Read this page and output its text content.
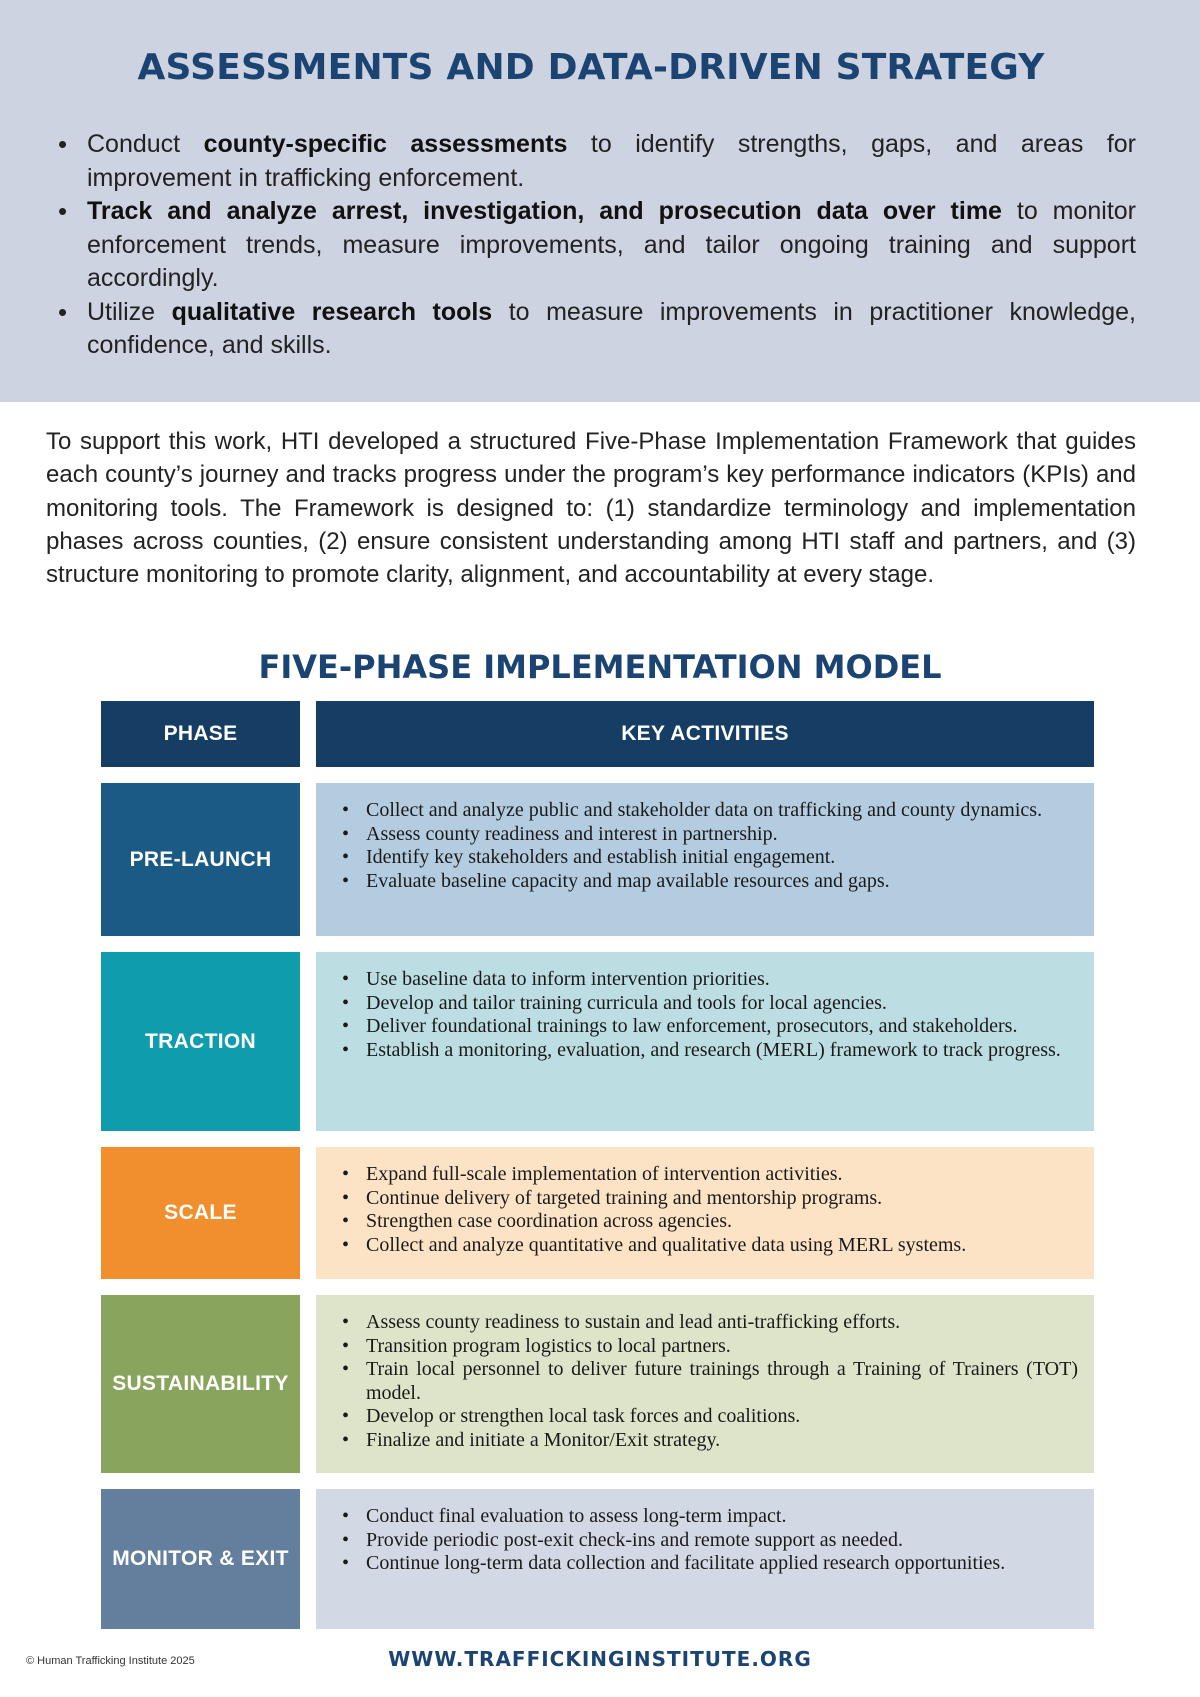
ASSESSMENTS AND DATA-DRIVEN STRATEGY
• Conduct county-specific assessments to identify strengths, gaps, and areas for improvement in trafficking enforcement.
• Track and analyze arrest, investigation, and prosecution data over time to monitor enforcement trends, measure improvements, and tailor ongoing training and support accordingly.
• Utilize qualitative research tools to measure improvements in practitioner knowledge, confidence, and skills.

To support this work, HTI developed a structured Five-Phase Implementation Framework that guides each county’s journey and tracks progress under the program’s key performance indicators (KPIs) and monitoring tools. The Framework is designed to: (1) standardize terminology and implementation phases across counties, (2) ensure consistent understanding among HTI staff and partners, and (3) structure monitoring to promote clarity, alignment, and accountability at every stage.

FIVE-PHASE IMPLEMENTATION MODEL
PHASE	KEY ACTIVITIES
PRE-LAUNCH
• Collect and analyze public and stakeholder data on trafficking and county dynamics.
• Assess county readiness and interest in partnership.
• Identify key stakeholders and establish initial engagement.
• Evaluate baseline capacity and map available resources and gaps.
TRACTION
• Use baseline data to inform intervention priorities.
• Develop and tailor training curricula and tools for local agencies.
• Deliver foundational trainings to law enforcement, prosecutors, and stakeholders.
• Establish a monitoring, evaluation, and research (MERL) framework to track progress.
SCALE
• Expand full-scale implementation of intervention activities.
• Continue delivery of targeted training and mentorship programs.
• Strengthen case coordination across agencies.
• Collect and analyze quantitative and qualitative data using MERL systems.
SUSTAINABILITY
• Assess county readiness to sustain and lead anti-trafficking efforts.
• Transition program logistics to local partners.
• Train local personnel to deliver future trainings through a Training of Trainers (TOT) model.
• Develop or strengthen local task forces and coalitions.
• Finalize and initiate a Monitor/Exit strategy.
MONITOR & EXIT
• Conduct final evaluation to assess long-term impact.
• Provide periodic post-exit check-ins and remote support as needed.
• Continue long-term data collection and facilitate applied research opportunities.
© Human Trafficking Institute 2025	WWW.TRAFFICKINGINSTITUTE.ORG
